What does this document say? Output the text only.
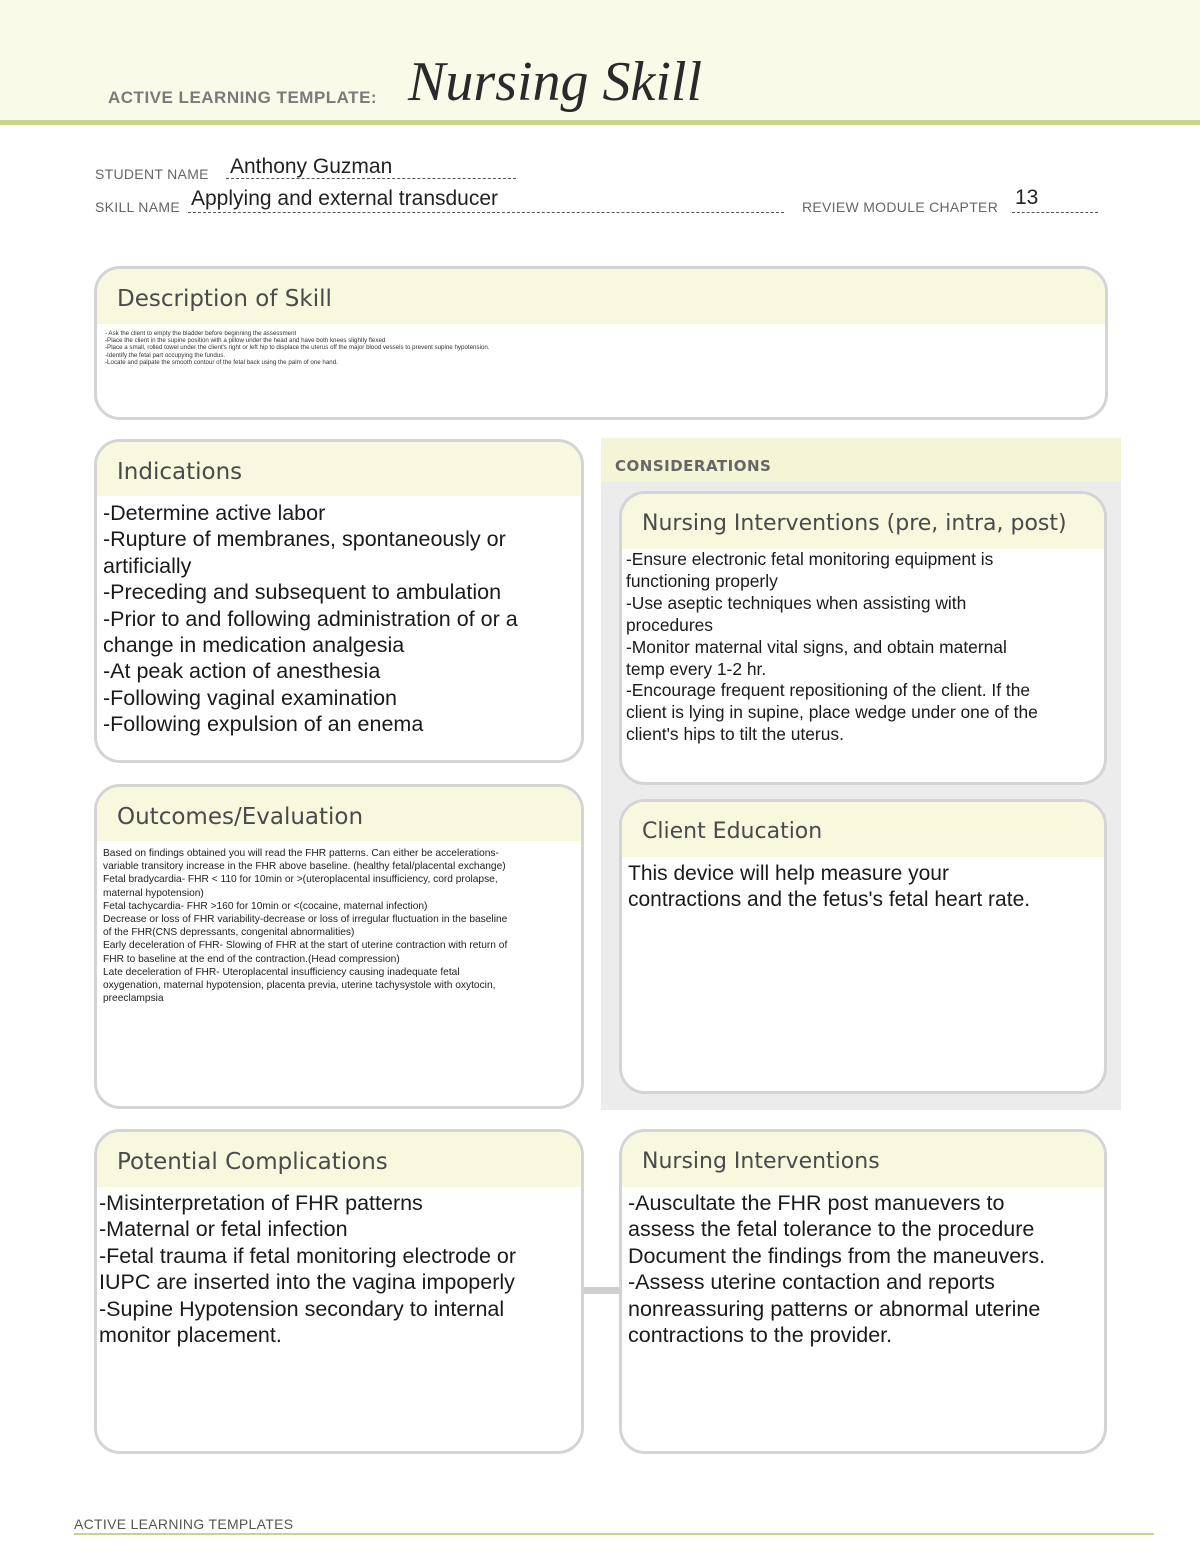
ACTIVE LEARNING TEMPLATE: Nursing Skill
STUDENT NAME Anthony Guzman
SKILL NAME Applying and external transducer	REVIEW MODULE CHAPTER 13
Description of Skill
- Ask the client to empty the bladder before beginning the assessment
-Place the client in the supine position with a pillow under the head and have both knees slightly flexed
-Place a small, rolled towel under the client's right or left hip to displace the uterus off the major blood vessels to prevent supine hypotension.
-Identify the fetal part occupying the fundus.
-Locate and palpate the smooth contour of the fetal back using the palm of one hand.
Indications
-Determine active labor
-Rupture of membranes, spontaneously or
artificially
-Preceding and subsequent to ambulation
-Prior to and following administration of or a
change in medication analgesia
-At peak action of anesthesia
-Following vaginal examination
-Following expulsion of an enema
CONSIDERATIONS
Nursing Interventions (pre, intra, post)
-Ensure electronic fetal monitoring equipment is
functioning properly
-Use aseptic techniques when assisting with
procedures
-Monitor maternal vital signs, and obtain maternal
temp every 1-2 hr.
-Encourage frequent repositioning of the client. If the
client is lying in supine, place wedge under one of the
client's hips to tilt the uterus.
Client Education
This device will help measure your
contractions and the fetus's fetal heart rate.
Outcomes/Evaluation
Based on findings obtained you will read the FHR patterns. Can either be accelerations-
variable transitory increase in the FHR above baseline. (healthy fetal/placental exchange)
Fetal bradycardia- FHR < 110 for 10min or >(uteroplacental insufficiency, cord prolapse,
maternal hypotension)
Fetal tachycardia- FHR >160 for 10min or <(cocaine, maternal infection)
Decrease or loss of FHR variability-decrease or loss of irregular fluctuation in the baseline
of the FHR(CNS depressants, congenital abnormalities)
Early deceleration of FHR- Slowing of FHR at the start of uterine contraction with return of
FHR to baseline at the end of the contraction.(Head compression)
Late deceleration of FHR- Uteroplacental insufficiency causing inadequate fetal
oxygenation, maternal hypotension, placenta previa, uterine tachysystole with oxytocin,
preeclampsia
Potential Complications
-Misinterpretation of FHR patterns
-Maternal or fetal infection
-Fetal trauma if fetal monitoring electrode or
IUPC are inserted into the vagina impoperly
-Supine Hypotension secondary to internal
monitor placement.
Nursing Interventions
-Auscultate the FHR post manuevers to
assess the fetal tolerance to the procedure
Document the findings from the maneuvers.
-Assess uterine contaction and reports
nonreassuring patterns or abnormal uterine
contractions to the provider.
ACTIVE LEARNING TEMPLATES
